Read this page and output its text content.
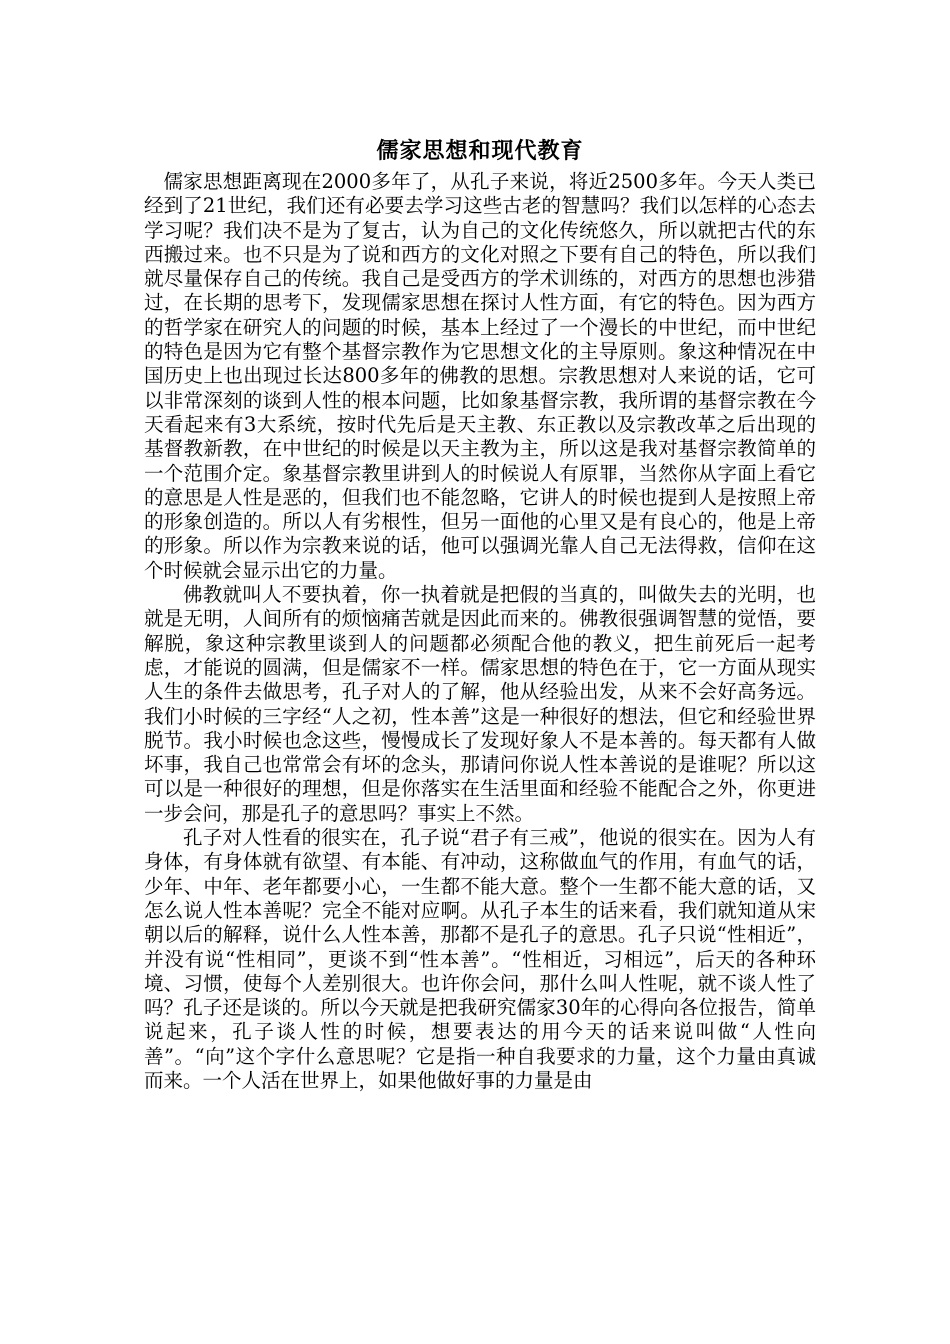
儒家思想和现代教育

儒家思想距离现在2000多年了，从孔子来说，将近2500多年。今天人类已经到了21世纪，我们还有必要去学习这些古老的智慧吗？我们以怎样的心态去学习呢？我们决不是为了复古，认为自己的文化传统悠久，所以就把古代的东西搬过来。也不只是为了说和西方的文化对照之下要有自己的特色，所以我们就尽量保存自己的传统。我自己是受西方的学术训练的，对西方的思想也涉猎过，在长期的思考下，发现儒家思想在探讨人性方面，有它的特色。因为西方的哲学家在研究人的问题的时候，基本上经过了一个漫长的中世纪，而中世纪的特色是因为它有整个基督宗教作为它思想文化的主导原则。象这种情况在中国历史上也出现过长达800多年的佛教的思想。宗教思想对人来说的话，它可以非常深刻的谈到人性的根本问题，比如象基督宗教，我所谓的基督宗教在今天看起来有3大系统，按时代先后是天主教、东正教以及宗教改革之后出现的基督教新教，在中世纪的时候是以天主教为主，所以这是我对基督宗教简单的一个范围介定。象基督宗教里讲到人的时候说人有原罪，当然你从字面上看它的意思是人性是恶的，但我们也不能忽略，它讲人的时候也提到人是按照上帝的形象创造的。所以人有劣根性，但另一面他的心里又是有良心的，他是上帝的形象。所以作为宗教来说的话，他可以强调光靠人自己无法得救，信仰在这个时候就会显示出它的力量。

佛教就叫人不要执着，你一执着就是把假的当真的，叫做失去的光明，也就是无明，人间所有的烦恼痛苦就是因此而来的。佛教很强调智慧的觉悟，要解脱，象这种宗教里谈到人的问题都必须配合他的教义，把生前死后一起考虑，才能说的圆满，但是儒家不一样。儒家思想的特色在于，它一方面从现实人生的条件去做思考，孔子对人的了解，他从经验出发，从来不会好高务远。我们小时候的三字经“人之初，性本善”这是一种很好的想法，但它和经验世界脱节。我小时候也念这些，慢慢成长了发现好象人不是本善的。每天都有人做坏事，我自己也常常会有坏的念头，那请问你说人性本善说的是谁呢？所以这可以是一种很好的理想，但是你落实在生活里面和经验不能配合之外，你更进一步会问，那是孔子的意思吗？事实上不然。

孔子对人性看的很实在，孔子说“君子有三戒”，他说的很实在。因为人有身体，有身体就有欲望、有本能、有冲动，这称做血气的作用，有血气的话，少年、中年、老年都要小心，一生都不能大意。整个一生都不能大意的话，又怎么说人性本善呢？完全不能对应啊。从孔子本生的话来看，我们就知道从宋朝以后的解释，说什么人性本善，那都不是孔子的意思。孔子只说“性相近”，并没有说“性相同”，更谈不到“性本善”。“性相近，习相远”，后天的各种环境、习惯，使每个人差别很大。也许你会问，那什么叫人性呢，就不谈人性了吗？孔子还是谈的。所以今天就是把我研究儒家30年的心得向各位报告，简单说起来，孔子谈人性的时候，想要表达的用今天的话来说叫做“人性向善”。“向”这个字什么意思呢？它是指一种自我要求的力量，这个力量由真诚而来。一个人活在世界上，如果他做好事的力量是由
